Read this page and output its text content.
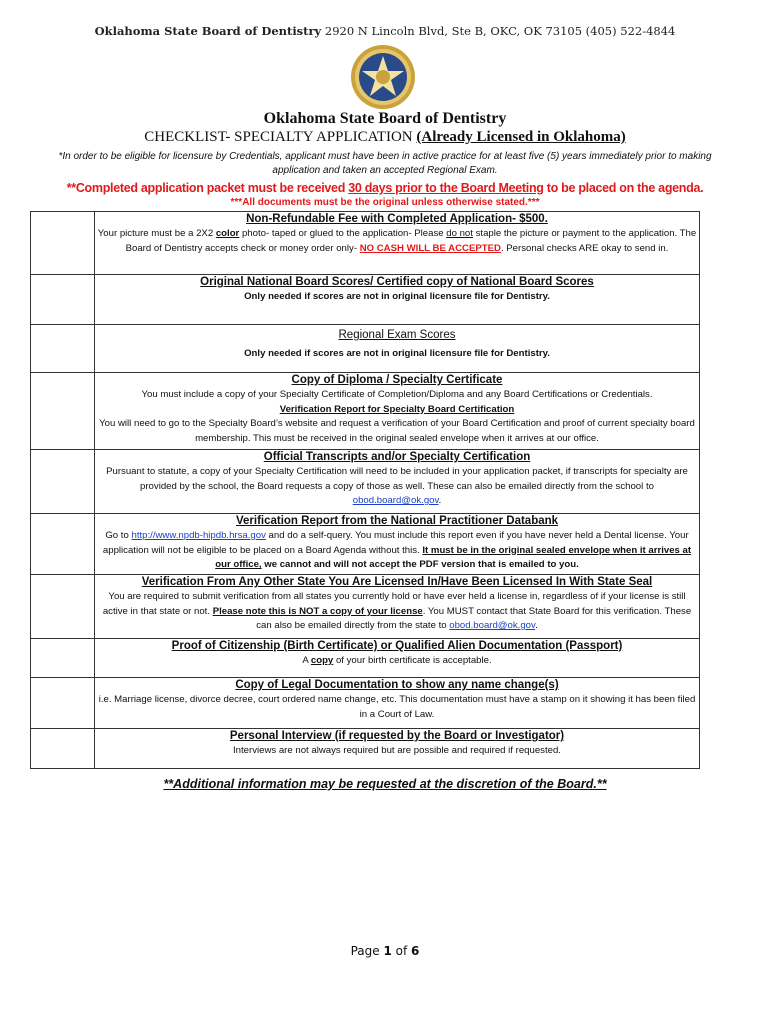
Oklahoma State Board of Dentistry 2920 N Lincoln Blvd, Ste B, OKC, OK 73105 (405) 522-4844
Oklahoma State Board of Dentistry
CHECKLIST- SPECIALTY APPLICATION (Already Licensed in Oklahoma)
*In order to be eligible for licensure by Credentials, applicant must have been in active practice for at least five (5) years immediately prior to making application and taken an accepted Regional Exam.
**Completed application packet must be received 30 days prior to the Board Meeting to be placed on the agenda.
***All documents must be the original unless otherwise stated.***

	Non-Refundable Fee with Completed Application- $500.
Your picture must be a 2X2 color photo- taped or glued to the application- Please do not staple the picture or payment to the application. The Board of Dentistry accepts check or money order only- NO CASH WILL BE ACCEPTED. Personal checks ARE okay to send in.

	Original National Board Scores/ Certified copy of National Board Scores
Only needed if scores are not in original licensure file for Dentistry.

	Regional Exam Scores
Only needed if scores are not in original licensure file for Dentistry.

	Copy of Diploma / Specialty Certificate
You must include a copy of your Specialty Certificate of Completion/Diploma and any Board Certifications or Credentials.
Verification Report for Specialty Board Certification
You will need to go to the Specialty Board’s website and request a verification of your Board Certification and proof of current specialty board membership. This must be received in the original sealed envelope when it arrives at our office.

	Official Transcripts and/or Specialty Certification
Pursuant to statute, a copy of your Specialty Certification will need to be included in your application packet, if transcripts for specialty are provided by the school, the Board requests a copy of those as well. These can also be emailed directly from the school to obod.board@ok.gov.

	Verification Report from the National Practitioner Databank
Go to http://www.npdb-hipdb.hrsa.gov and do a self-query. You must include this report even if you have never held a Dental license. Your application will not be eligible to be placed on a Board Agenda without this. It must be in the original sealed envelope when it arrives at our office, we cannot and will not accept the PDF version that is emailed to you.

	Verification From Any Other State You Are Licensed In/Have Been Licensed In With State Seal
You are required to submit verification from all states you currently hold or have ever held a license in, regardless of if your license is still active in that state or not. Please note this is NOT a copy of your license. You MUST contact that State Board for this verification. These can also be emailed directly from the state to obod.board@ok.gov.

	Proof of Citizenship (Birth Certificate) or Qualified Alien Documentation (Passport)
A copy of your birth certificate is acceptable.

	Copy of Legal Documentation to show any name change(s)
i.e. Marriage license, divorce decree, court ordered name change, etc. This documentation must have a stamp on it showing it has been filed in a Court of Law.

	Personal Interview (if requested by the Board or Investigator)
Interviews are not always required but are possible and required if requested.
**Additional information may be requested at the discretion of the Board.**
Page 1 of 6
